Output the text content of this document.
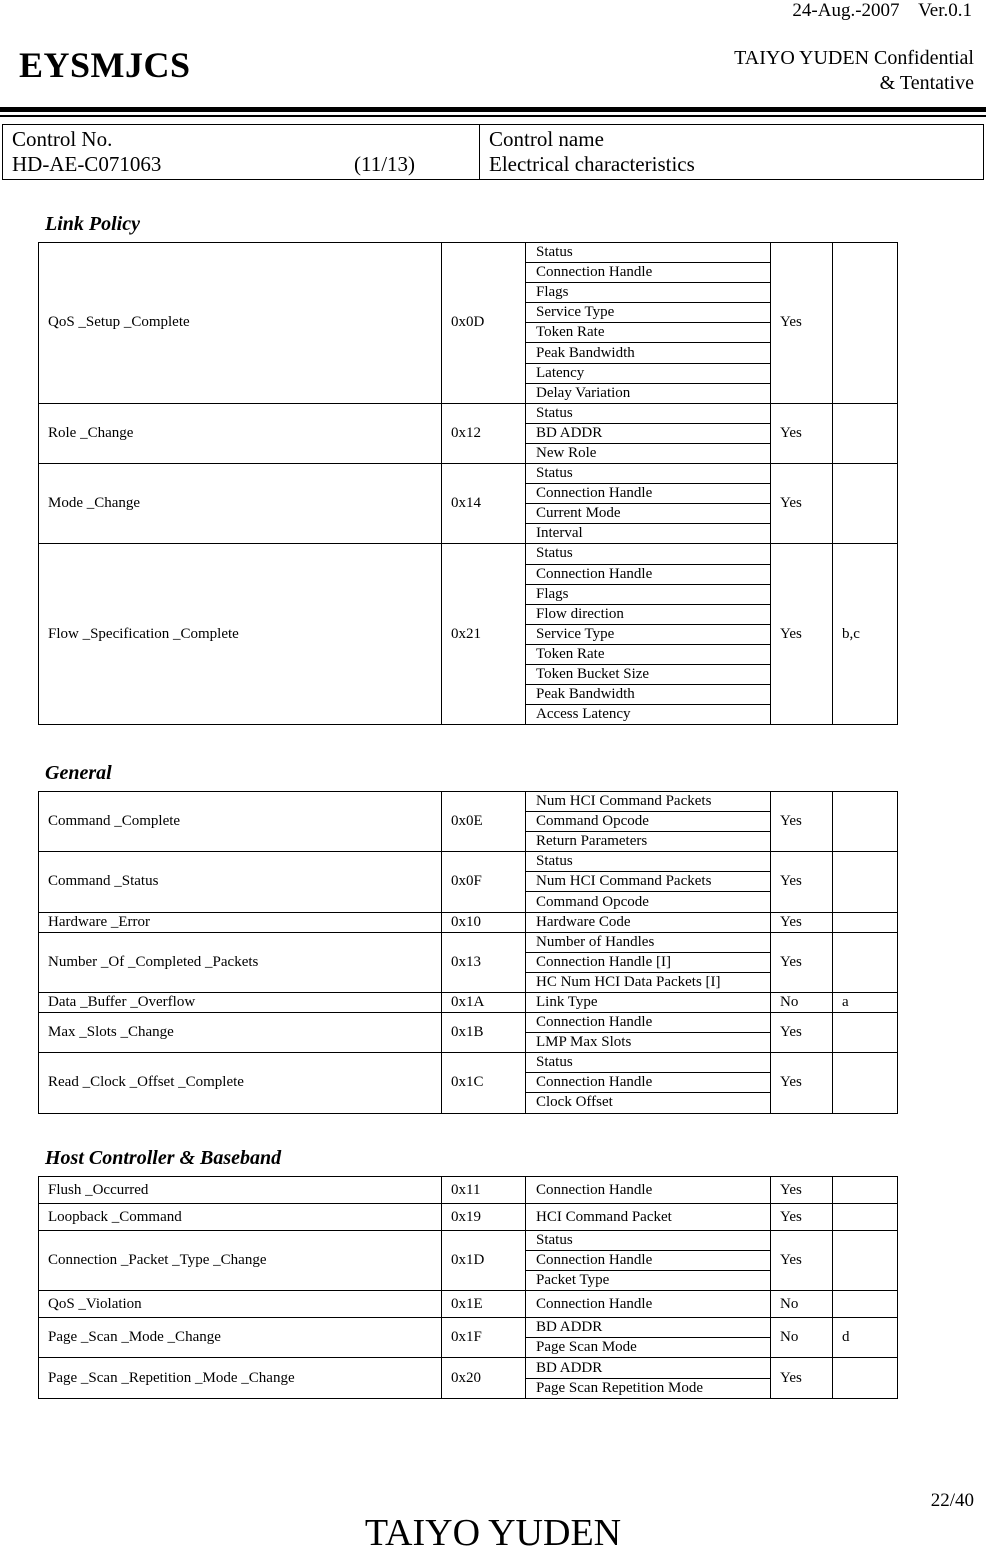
24-Aug.-2007    Ver.0.1
EYSMJCS	TAIYO YUDEN Confidential
& Tentative
Control No.
HD-AE-C071063	(11/13)
Control name
Electrical characteristics
Link Policy
QoS _Setup _Complete	0x0D	Status	Yes	
		Connection Handle		
		Flags		
		Service Type		
		Token Rate		
		Peak Bandwidth		
		Latency		
		Delay Variation		
Role _Change	0x12	Status	Yes	
		BD ADDR		
		New Role		
Mode _Change	0x14	Status	Yes	
		Connection Handle		
		Current Mode		
		Interval		
Flow _Specification _Complete	0x21	Status	Yes	b,c
		Connection Handle		
		Flags		
		Flow direction		
		Service Type		
		Token Rate		
		Token Bucket Size		
		Peak Bandwidth		
		Access Latency		
General
Command _Complete	0x0E	Num HCI Command Packets	Yes	
		Command Opcode		
		Return Parameters		
Command _Status	0x0F	Status	Yes	
		Num HCI Command Packets		
		Command Opcode		
Hardware _Error	0x10	Hardware Code	Yes	
Number _Of _Completed _Packets	0x13	Number of Handles	Yes	
		Connection Handle [I]		
		HC Num HCI Data Packets [I]		
Data _Buffer _Overflow	0x1A	Link Type	No	a
Max _Slots _Change	0x1B	Connection Handle	Yes	
		LMP Max Slots		
Read _Clock _Offset _Complete	0x1C	Status	Yes	
		Connection Handle		
		Clock Offset		
Host Controller & Baseband
Flush _Occurred	0x11	Connection Handle	Yes	
Loopback _Command	0x19	HCI Command Packet	Yes	
Connection _Packet _Type _Change	0x1D	Status	Yes	
		Connection Handle		
		Packet Type		
QoS _Violation	0x1E	Connection Handle	No	
Page _Scan _Mode _Change	0x1F	BD ADDR	No	d
		Page Scan Mode		
Page _Scan _Repetition _Mode _Change	0x20	BD ADDR	Yes	
		Page Scan Repetition Mode		
22/40
TAIYO YUDEN
